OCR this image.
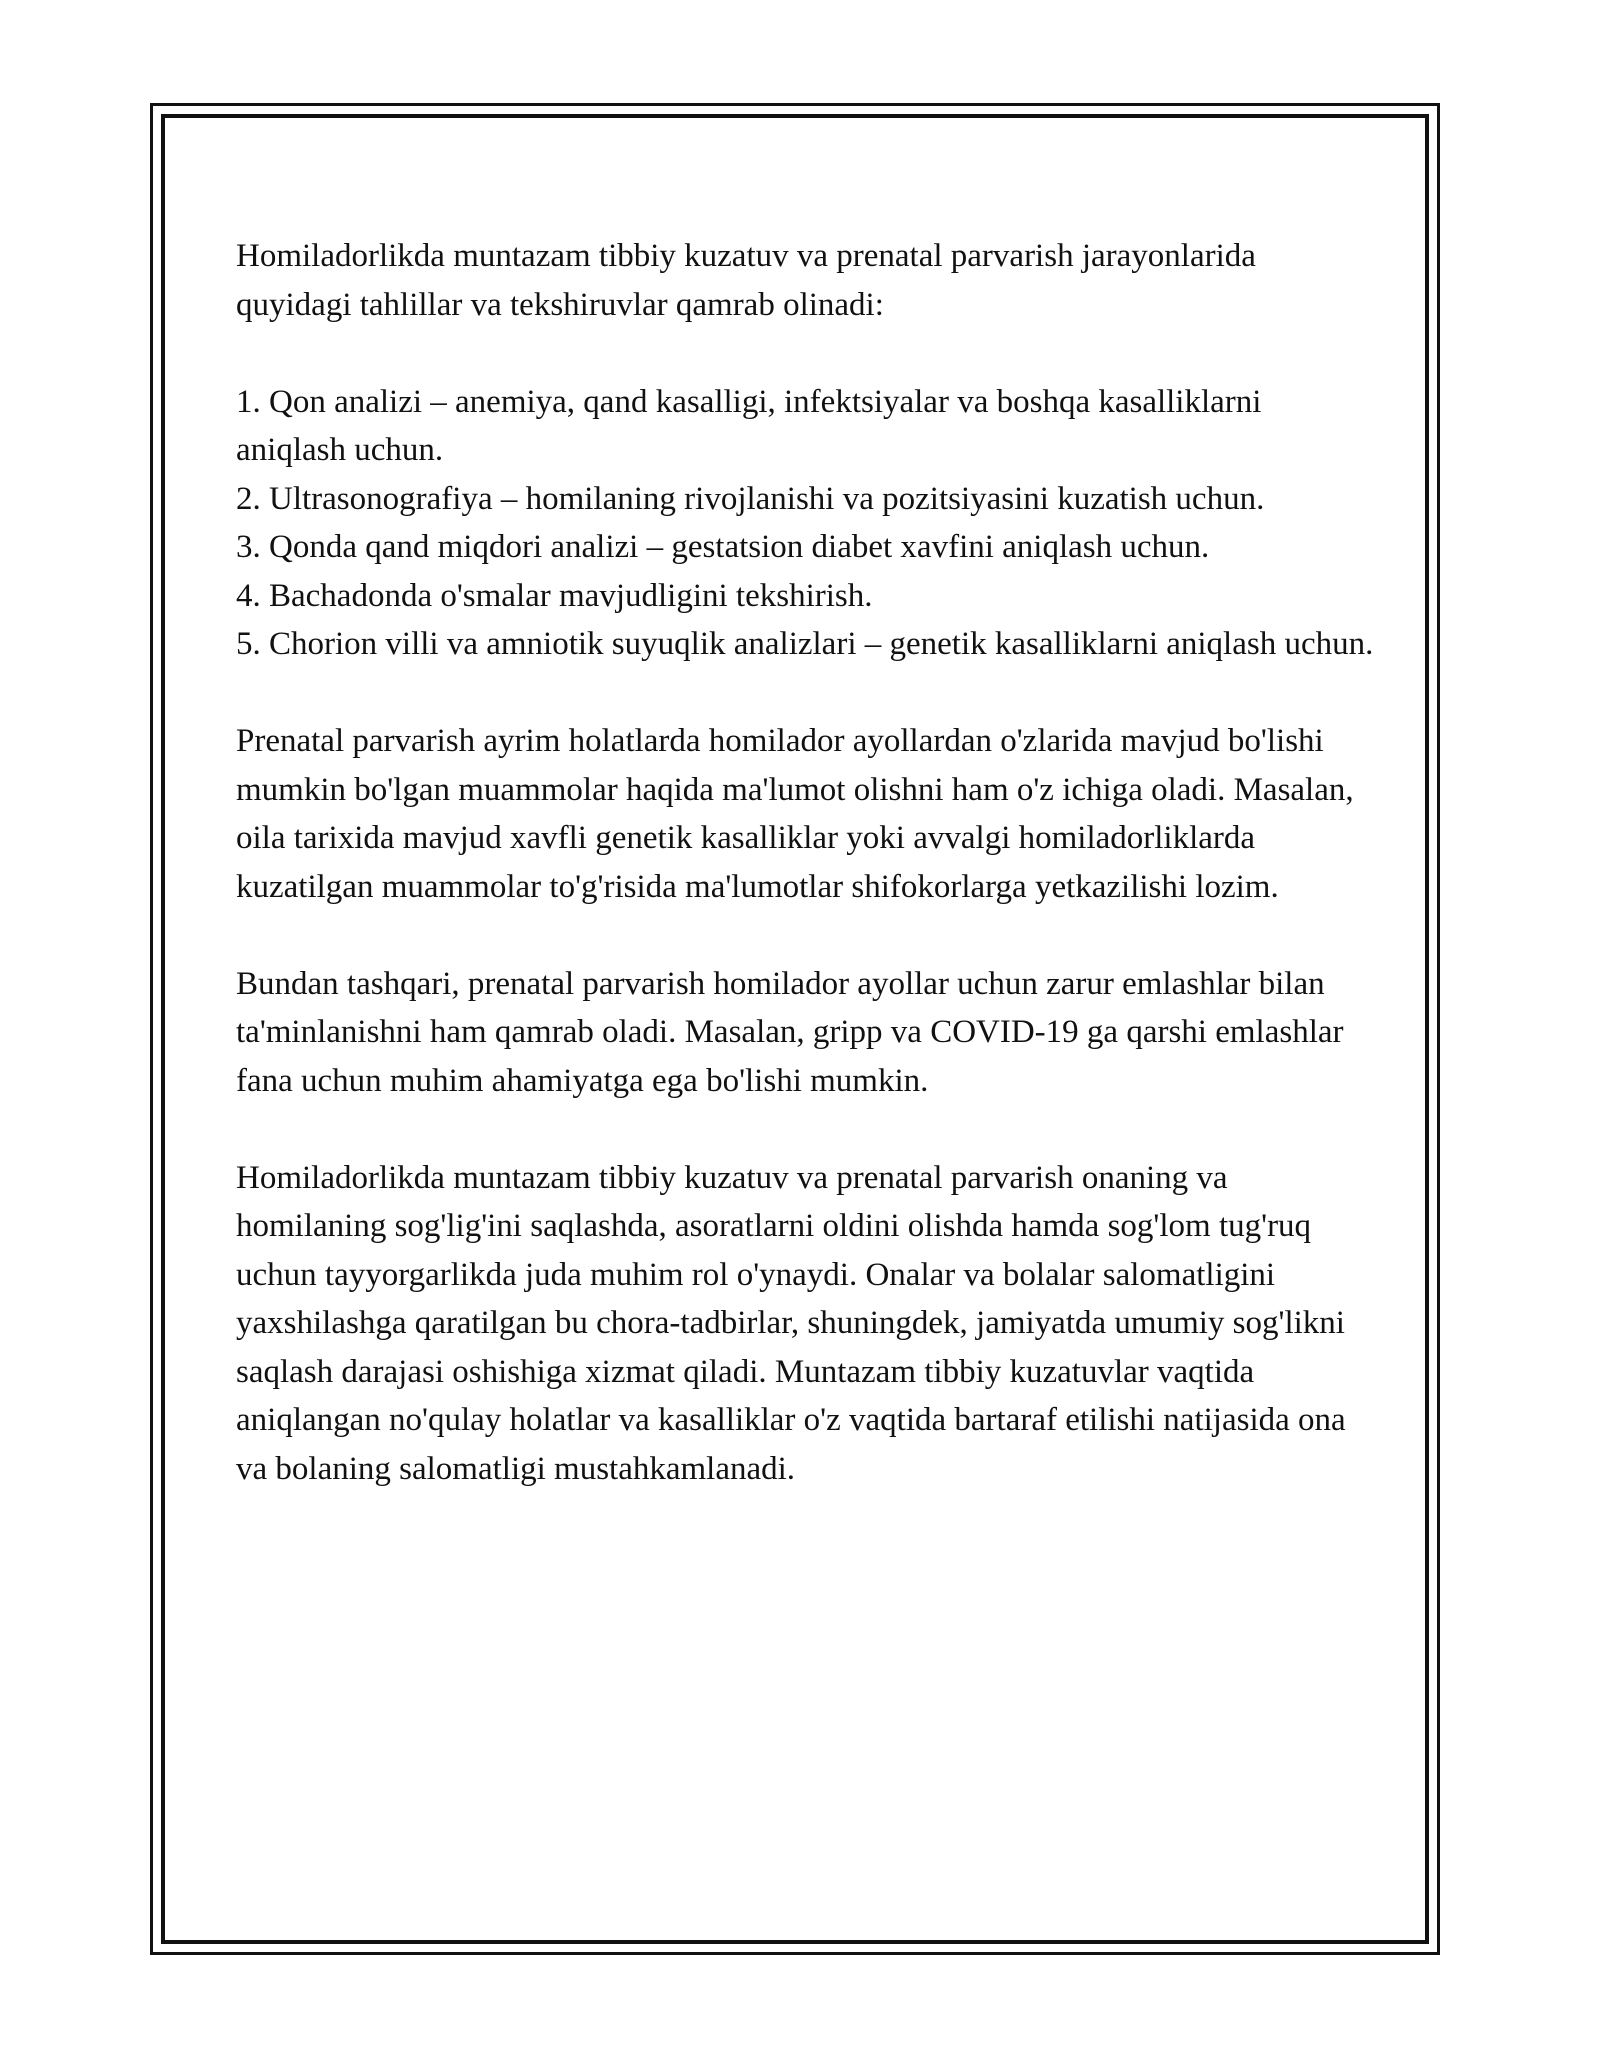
Homiladorlikda muntazam tibbiy kuzatuv va prenatal parvarish jarayonlarida quyidagi tahlillar va tekshiruvlar qamrab olinadi:

1. Qon analizi – anemiya, qand kasalligi, infektsiyalar va boshqa kasalliklarni aniqlash uchun.
2. Ultrasonografiya – homilaning rivojlanishi va pozitsiyasini kuzatish uchun.
3. Qonda qand miqdori analizi – gestatsion diabet xavfini aniqlash uchun.
4. Bachadonda o'smalar mavjudligini tekshirish.
5. Chorion villi va amniotik suyuqlik analizlari – genetik kasalliklarni aniqlash uchun.

Prenatal parvarish ayrim holatlarda homilador ayollardan o'zlarida mavjud bo'lishi mumkin bo'lgan muammolar haqida ma'lumot olishni ham o'z ichiga oladi. Masalan, oila tarixida mavjud xavfli genetik kasalliklar yoki avvalgi homiladorliklarda kuzatilgan muammolar to'g'risida ma'lumotlar shifokorlarga yetkazilishi lozim.

Bundan tashqari, prenatal parvarish homilador ayollar uchun zarur emlashlar bilan ta'minlanishni ham qamrab oladi. Masalan, gripp va COVID-19 ga qarshi emlashlar fana uchun muhim ahamiyatga ega bo'lishi mumkin.

Homiladorlikda muntazam tibbiy kuzatuv va prenatal parvarish onaning va homilaning sog'lig'ini saqlashda, asoratlarni oldini olishda hamda sog'lom tug'ruq uchun tayyorgarlikda juda muhim rol o'ynaydi. Onalar va bolalar salomatligini yaxshilashga qaratilgan bu chora-tadbirlar, shuningdek, jamiyatda umumiy sog'likni saqlash darajasi oshishiga xizmat qiladi. Muntazam tibbiy kuzatuvlar vaqtida aniqlangan no'qulay holatlar va kasalliklar o'z vaqtida bartaraf etilishi natijasida ona va bolaning salomatligi mustahkamlanadi.
